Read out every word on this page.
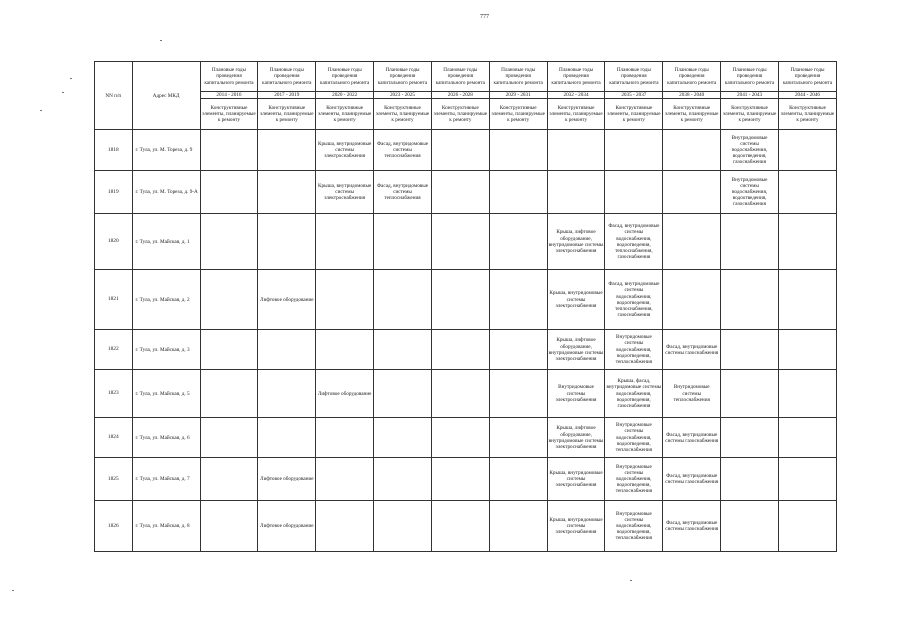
777
NN п/п	Адрес МКД	Плановые годы проведения капитального ремонта	Плановые годы проведения капитального ремонта	Плановые годы проведения капитального ремонта	Плановые годы проведения капитального ремонта	Плановые годы проведения капитального ремонта	Плановые годы проведения капитального ремонта	Плановые годы проведения капитального ремонта	Плановые годы проведения капитального ремонта	Плановые годы проведения капитального ремонта	Плановые годы проведения капитального ремонта	Плановые годы проведения капитального ремонта
		2014 - 2016	2017 - 2019	2020 - 2022	2023 - 2025	2026 - 2028	2029 - 2031	2032 - 2034	2035 - 2037	2038 - 2040	2041 - 2043	2044 - 2046
		Конструктивные элементы, планируемые к ремонту	Конструктивные элементы, планируемые к ремонту	Конструктивные элементы, планируемые к ремонту	Конструктивные элементы, планируемые к ремонту	Конструктивные элементы, планируемые к ремонту	Конструктивные элементы, планируемые к ремонту	Конструктивные элементы, планируемые к ремонту	Конструктивные элементы, планируемые к ремонту	Конструктивные элементы, планируемые к ремонту	Конструктивные элементы, планируемые к ремонту	Конструктивные элементы, планируемые к ремонту
1818	г. Тула, ул. М. Тореза, д. 9			Крыша, внутридомовые системы электроснабжения	Фасад, внутридомовые системы теплоснабжения						Внутридомовые системы водоснабжения, водоотведения, газоснабжения	
1819	г. Тула, ул. М. Тореза, д. 9-А			Крыша, внутридомовые системы электроснабжения	Фасад, внутридомовые системы теплоснабжения						Внутридомовые системы водоснабжения, водоотведения, газоснабжения	
1820	г. Тула, ул. Майская, д. 1							Крыша, лифтовое оборудование, внутридомовые системы электроснабжения	Фасад, внутридомовые системы водоснабжения, водоотведения, теплоснабжения, газоснабжения			
1821	г. Тула, ул. Майская, д. 2		Лифтовое оборудование					Крыша, внутридомовые системы электроснабжения	Фасад, внутридомовые системы водоснабжения, водоотведения, теплоснабжения, газоснабжения			
1822	г. Тула, ул. Майская, д. 3							Крыша, лифтовое оборудование, внутридомовые системы электроснабжения	Внутридомовые системы водоснабжения, водоотведения, теплоснабжения	Фасад, внутридомовые системы газоснабжения		
1823	г. Тула, ул. Майская, д. 5			Лифтовое оборудование				Внутридомовые системы электроснабжения	Крыша, фасад, внутридомовые системы водоснабжения, водоотведения, газоснабжения	Внутридомовые системы теплоснабжения		
1824	г. Тула, ул. Майская, д. 6							Крыша, лифтовое оборудование, внутридомовые системы электроснабжения	Внутридомовые системы водоснабжения, водоотведения, теплоснабжения	Фасад, внутридомовые системы газоснабжения		
1825	г. Тула, ул. Майская, д. 7		Лифтовое оборудование					Крыша, внутридомовые системы электроснабжения	Внутридомовые системы водоснабжения, водоотведения, теплоснабжения	Фасад, внутридомовые системы газоснабжения		
1826	г. Тула, ул. Майская, д. 8		Лифтовое оборудование					Крыша, внутридомовые системы электроснабжения	Внутридомовые системы водоснабжения, водоотведения, теплоснабжения	Фасад, внутридомовые системы газоснабжения		
